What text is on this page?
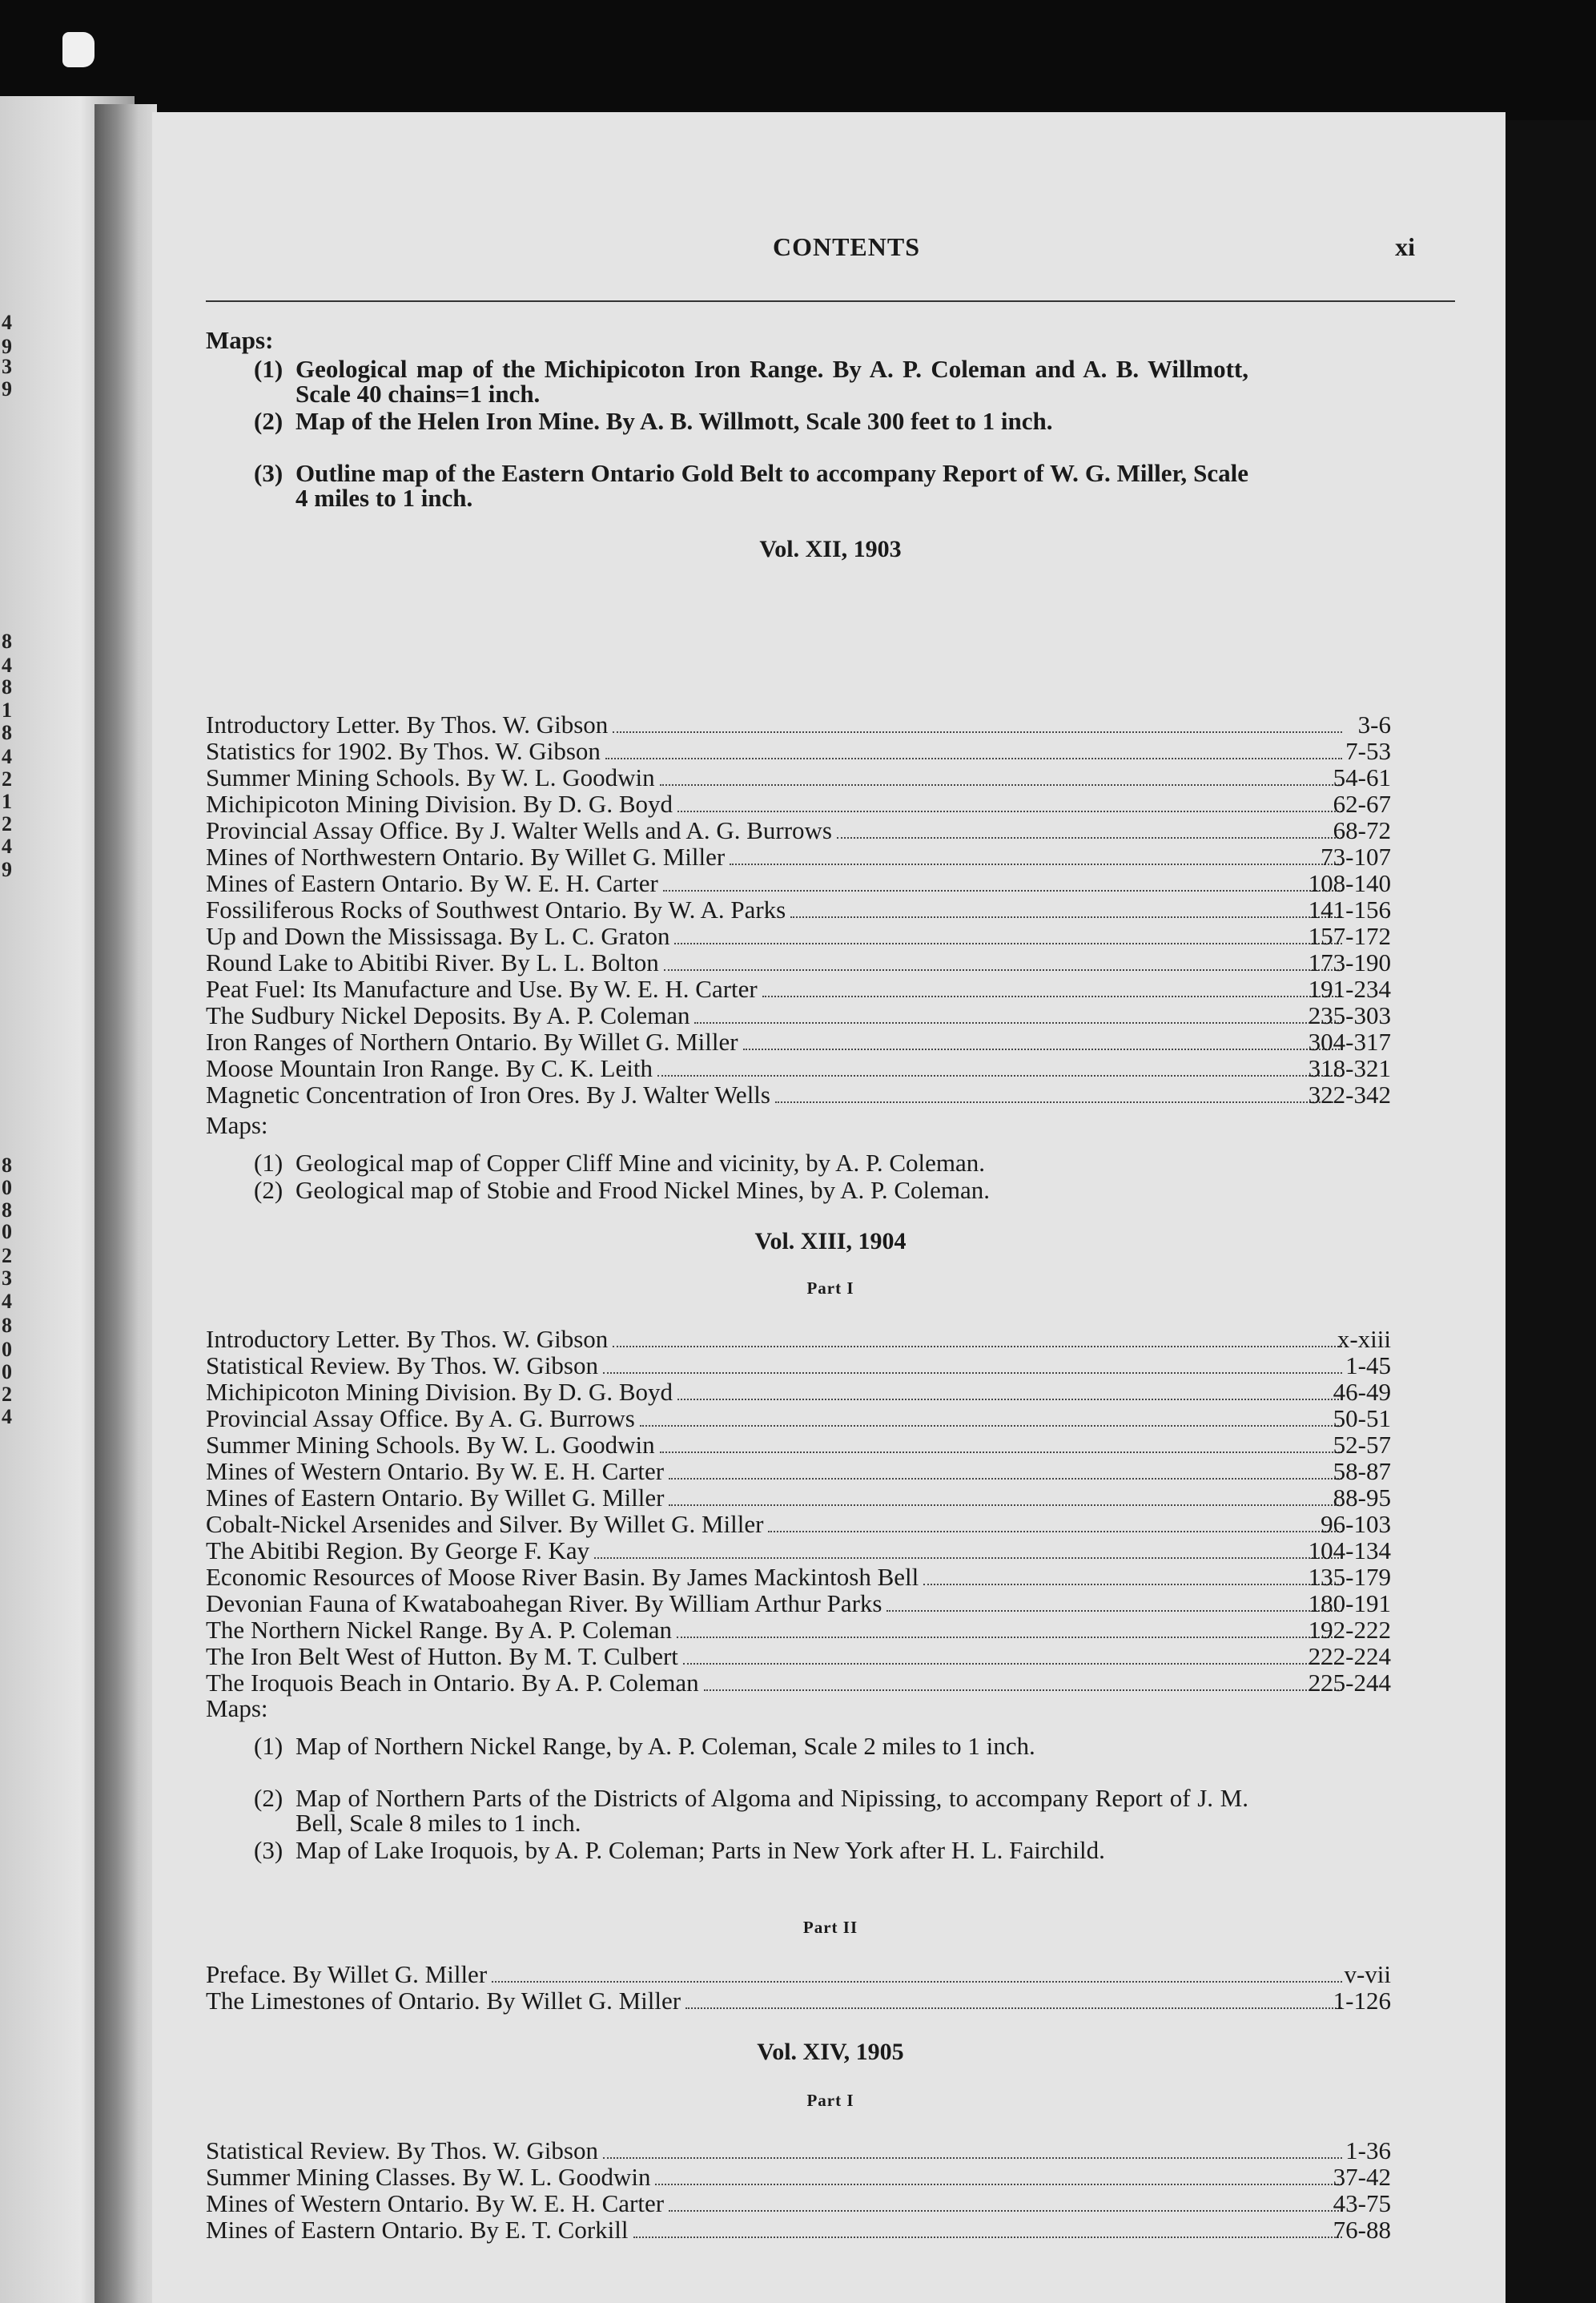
4
9
3
9
8
4
8
1
8
4
2
1
2
4
9
8
0
8
0
2
3
4
8
0
0
2
4
CONTENTS	xi
Maps:
(1) Geological map of the Michipicoton Iron Range. By A. P. Coleman and A. B. Willmott, Scale 40 chains=1 inch.
(2) Map of the Helen Iron Mine. By A. B. Willmott, Scale 300 feet to 1 inch.
(3) Outline map of the Eastern Ontario Gold Belt to accompany Report of W. G. Miller, Scale 4 miles to 1 inch.
Vol. XII, 1903
Introductory Letter. By Thos. W. Gibson	3-6
Statistics for 1902. By Thos. W. Gibson	7-53
Summer Mining Schools. By W. L. Goodwin	54-61
Michipicoton Mining Division. By D. G. Boyd	62-67
Provincial Assay Office. By J. Walter Wells and A. G. Burrows	68-72
Mines of Northwestern Ontario. By Willet G. Miller	73-107
Mines of Eastern Ontario. By W. E. H. Carter	108-140
Fossiliferous Rocks of Southwest Ontario. By W. A. Parks	141-156
Up and Down the Mississaga. By L. C. Graton	157-172
Round Lake to Abitibi River. By L. L. Bolton	173-190
Peat Fuel: Its Manufacture and Use. By W. E. H. Carter	191-234
The Sudbury Nickel Deposits. By A. P. Coleman	235-303
Iron Ranges of Northern Ontario. By Willet G. Miller	304-317
Moose Mountain Iron Range. By C. K. Leith	318-321
Magnetic Concentration of Iron Ores. By J. Walter Wells	322-342
Maps:
(1) Geological map of Copper Cliff Mine and vicinity, by A. P. Coleman.
(2) Geological map of Stobie and Frood Nickel Mines, by A. P. Coleman.
Vol. XIII, 1904
Part I
Introductory Letter. By Thos. W. Gibson	x-xiii
Statistical Review. By Thos. W. Gibson	1-45
Michipicoton Mining Division. By D. G. Boyd	46-49
Provincial Assay Office. By A. G. Burrows	50-51
Summer Mining Schools. By W. L. Goodwin	52-57
Mines of Western Ontario. By W. E. H. Carter	58-87
Mines of Eastern Ontario. By Willet G. Miller	88-95
Cobalt-Nickel Arsenides and Silver. By Willet G. Miller	96-103
The Abitibi Region. By George F. Kay	104-134
Economic Resources of Moose River Basin. By James Mackintosh Bell	135-179
Devonian Fauna of Kwataboahegan River. By William Arthur Parks	180-191
The Northern Nickel Range. By A. P. Coleman	192-222
The Iron Belt West of Hutton. By M. T. Culbert	222-224
The Iroquois Beach in Ontario. By A. P. Coleman	225-244
Maps:
(1) Map of Northern Nickel Range, by A. P. Coleman, Scale 2 miles to 1 inch.
(2) Map of Northern Parts of the Districts of Algoma and Nipissing, to accompany Report of J. M. Bell, Scale 8 miles to 1 inch.
(3) Map of Lake Iroquois, by A. P. Coleman; Parts in New York after H. L. Fairchild.
Part II
Preface. By Willet G. Miller	v-vii
The Limestones of Ontario. By Willet G. Miller	1-126
Vol. XIV, 1905
Part I
Statistical Review. By Thos. W. Gibson	1-36
Summer Mining Classes. By W. L. Goodwin	37-42
Mines of Western Ontario. By W. E. H. Carter	43-75
Mines of Eastern Ontario. By E. T. Corkill	76-88
